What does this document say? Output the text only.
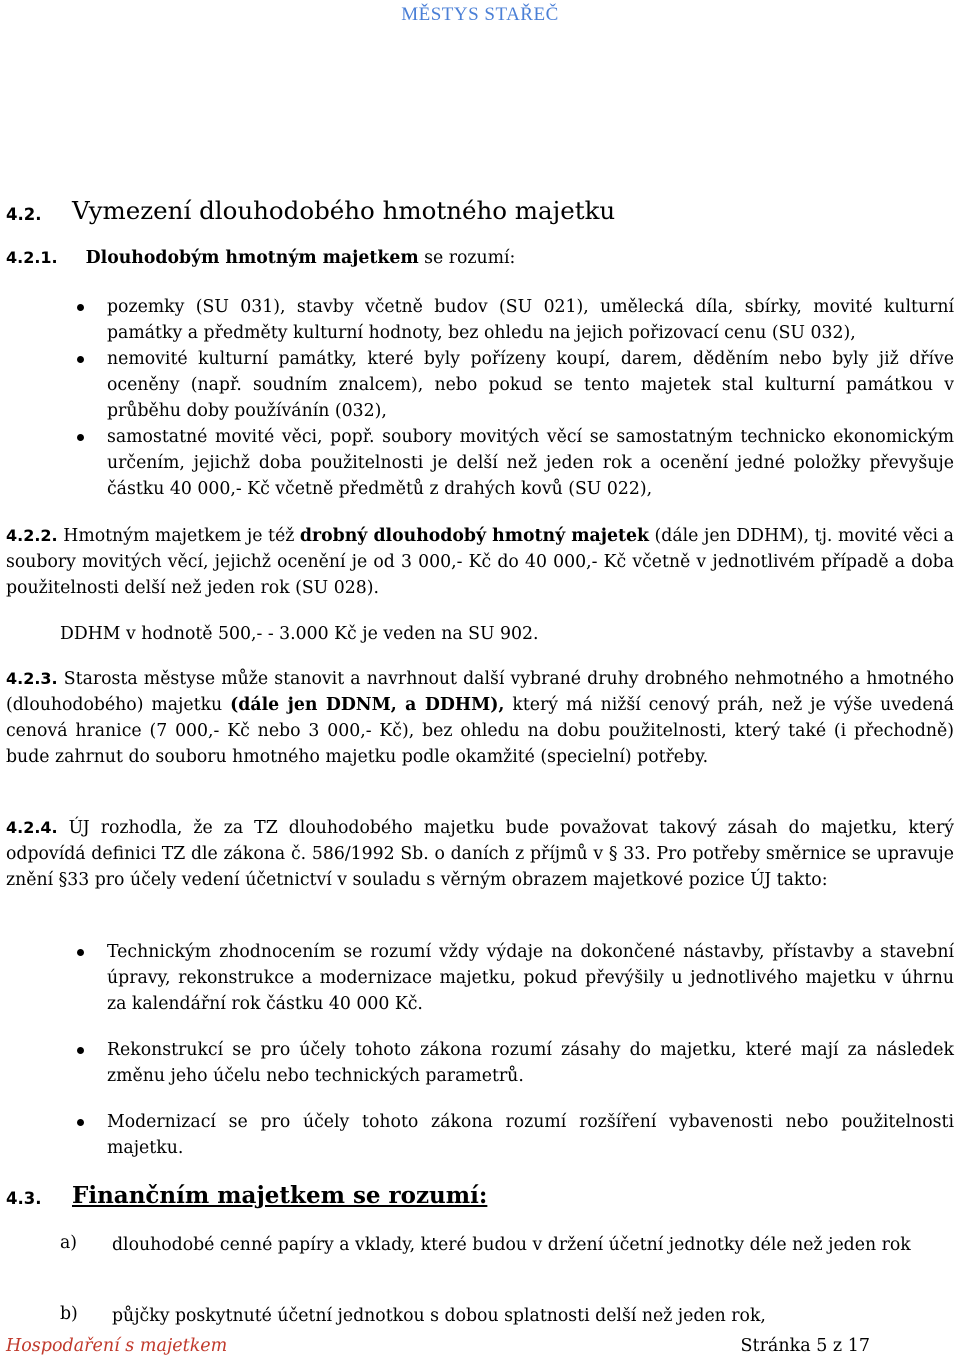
MĚSTYS STAŘEČ
4.2. Vymezení dlouhodobého hmotného majetku
4.2.1. Dlouhodobým hmotným majetkem se rozumí:
pozemky (SU 031), stavby včetně budov (SU 021), umělecká díla, sbírky, movité kulturní památky a předměty kulturní hodnoty, bez ohledu na jejich pořizovací cenu (SU 032),
nemovité kulturní památky, které byly pořízeny koupí, darem, děděním nebo byly již dříve oceněny (např. soudním znalcem), nebo pokud se tento majetek stal kulturní památkou v průběhu doby používánín (032),
samostatné movité věci, popř. soubory movitých věcí se samostatným technicko ekonomickým určením, jejichž doba použitelnosti je delší než jeden rok a ocenění jedné položky převyšuje částku 40 000,- Kč včetně předmětů z drahých kovů (SU 022),
4.2.2. Hmotným majetkem je též drobný dlouhodobý hmotný majetek (dále jen DDHM), tj. movité věci a soubory movitých věcí, jejichž ocenění je od 3 000,- Kč do 40 000,- Kč včetně v jednotlivém případě a doba použitelnosti delší než jeden rok (SU 028).
DDHM v hodnotě 500,- - 3.000 Kč je veden na SU 902.
4.2.3. Starosta městyse může stanovit a navrhnout další vybrané druhy drobného nehmotného a hmotného (dlouhodobého) majetku (dále jen DDNM, a DDHM), který má nižší cenový práh, než je výše uvedená cenová hranice (7 000,- Kč nebo 3 000,- Kč), bez ohledu na dobu použitelnosti, který také (i přechodně) bude zahrnut do souboru hmotného majetku podle okamžité (specielní) potřeby.
4.2.4. ÚJ rozhodla, že za TZ dlouhodobého majetku bude považovat takový zásah do majetku, který odpovídá definici TZ dle zákona č. 586/1992 Sb. o daních z příjmů v § 33. Pro potřeby směrnice se upravuje znění §33 pro účely vedení účetnictví v souladu s věrným obrazem majetkové pozice ÚJ takto:
Technickým zhodnocením se rozumí vždy výdaje na dokončené nástavby, přístavby a stavební úpravy, rekonstrukce a modernizace majetku, pokud převýšily u jednotlivého majetku v úhrnu za kalendářní rok částku 40 000 Kč.
Rekonstrukcí se pro účely tohoto zákona rozumí zásahy do majetku, které mají za následek změnu jeho účelu nebo technických parametrů.
Modernizací se pro účely tohoto zákona rozumí rozšíření vybavenosti nebo použitelnosti majetku.
4.3. Finančním majetkem se rozumí:
a) dlouhodobé cenné papíry a vklady, které budou v držení účetní jednotky déle než jeden rok
b) půjčky poskytnuté účetní jednotkou s dobou splatnosti delší než jeden rok,
Hospodaření s majetkem	Stránka 5 z 17
